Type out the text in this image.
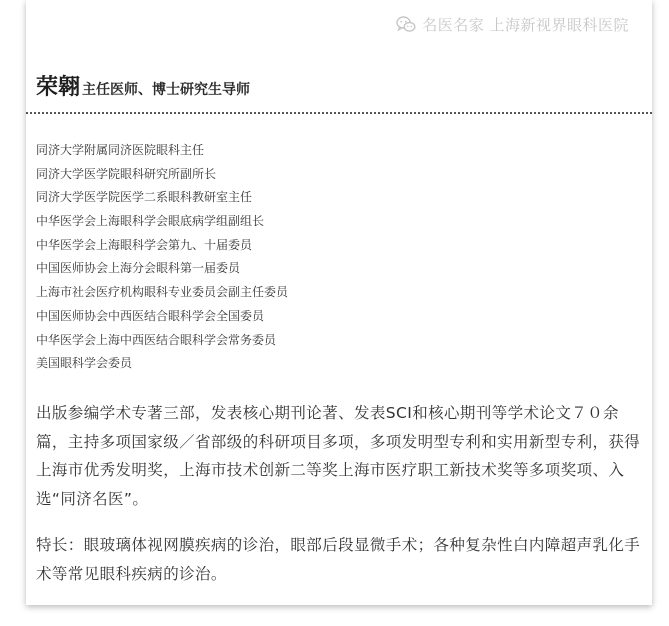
名医名家 上海新视界眼科医院
荣翱 主任医师、博士研究生导师
同济大学附属同济医院眼科主任
同济大学医学院眼科研究所副所长
同济大学医学院医学二系眼科教研室主任
中华医学会上海眼科学会眼底病学组副组长
中华医学会上海眼科学会第九、十届委员
中国医师协会上海分会眼科第一届委员
上海市社会医疗机构眼科专业委员会副主任委员
中国医师协会中西医结合眼科学会全国委员
中华医学会上海中西医结合眼科学会常务委员
美国眼科学会委员

出版参编学术专著三部，发表核心期刊论著、发表SCI和核心期刊等学术论文７０余篇，主持多项国家级／省部级的科研项目多项，多项发明型专利和实用新型专利，获得上海市优秀发明奖，上海市技术创新二等奖上海市医疗职工新技术奖等多项奖项、入选“同济名医”。

特长：眼玻璃体视网膜疾病的诊治，眼部后段显微手术；各种复杂性白内障超声乳化手术等常见眼科疾病的诊治。
